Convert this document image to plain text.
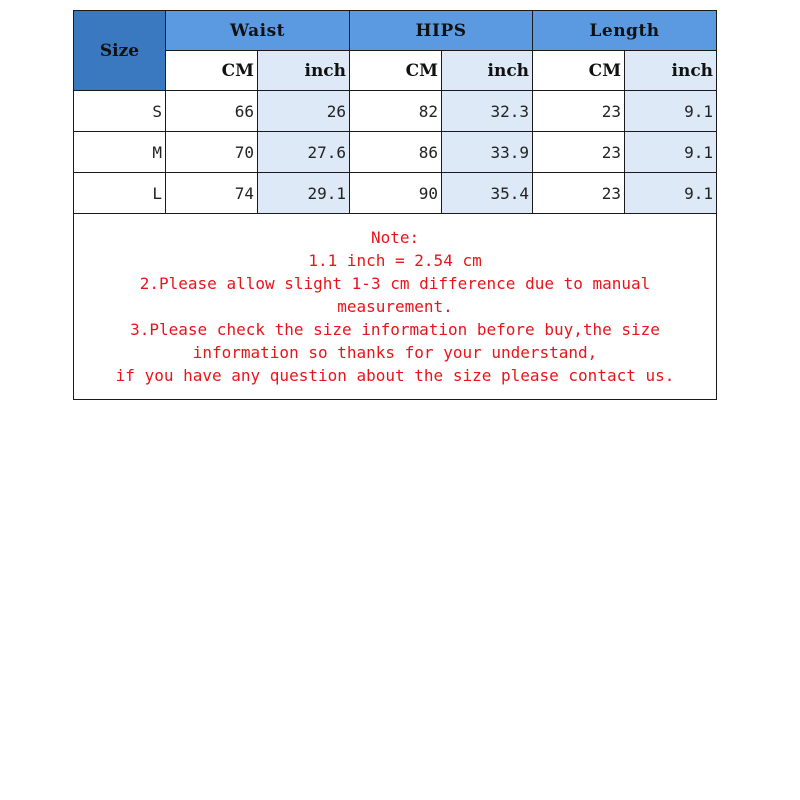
Size	Waist		HIPS		Length	
	CM	inch	CM	inch	CM	inch
S	66	26	82	32.3	23	9.1
M	70	27.6	86	33.9	23	9.1
L	74	29.1	90	35.4	23	9.1

Note:
1.1 inch = 2.54 cm
2.Please allow slight 1-3 cm difference due to manual measurement.
3.Please check the size information before buy,the size information so thanks for your understand,
if you have any question about the size please contact us.						
